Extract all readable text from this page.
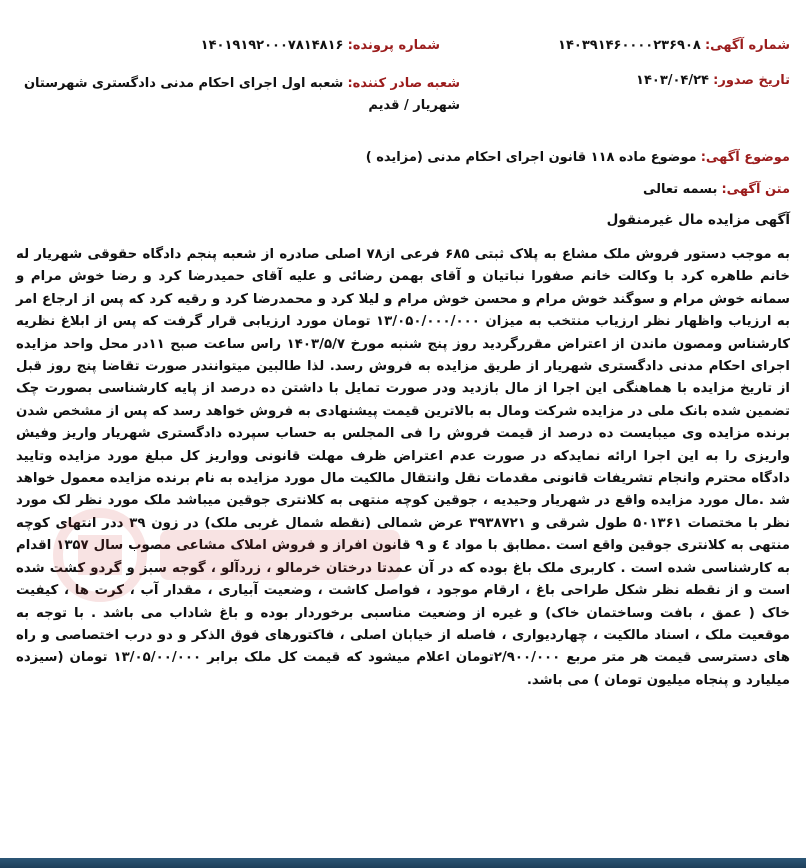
شماره آگهی: ۱۴۰۳۹۱۴۶۰۰۰۰۲۳۶۹۰۸
شماره پرونده: ۱۴۰۱۹۱۹۲۰۰۰۷۸۱۴۸۱۶
تاریخ صدور: ۱۴۰۳/۰۴/۲۴
شعبه صادر کننده: شعبه اول اجرای احکام مدنی دادگستری شهرستان شهریار / قدیم
موضوع آگهی: موضوع ماده ۱۱۸ قانون اجرای احکام مدنی (مزایده )
متن آگهی: بسمه تعالی
آگهی مزایده مال غیرمنقول

به موجب دستور فروش ملک مشاع به پلاک ثبتی ۶۸۵ فرعی از۷۸ اصلی صادره از شعبه پنجم دادگاه حقوقی شهریار له خانم طاهره کرد با وکالت خانم صفورا نباتیان و آقای بهمن رضائی و علیه آقای حمیدرضا کرد و رضا خوش مرام و سمانه خوش مرام و سوگند خوش مرام و محسن خوش مرام و لیلا کرد و محمدرضا کرد و رقیه کرد که پس از ارجاع امر به ارزیاب واظهار نظر ارزیاب منتخب به میزان ۱۳/۰۵۰/۰۰۰/۰۰۰ تومان مورد ارزیابی قرار گرفت که پس از ابلاغ نظریه کارشناس ومصون ماندن از اعتراض مقررگردید روز پنج شنبه مورخ ۱۴۰۳/۵/۷ راس ساعت صبح ۱۱در محل واحد مزایده اجرای احکام مدنی دادگستری شهریار از طریق مزایده به فروش رسد. لذا طالبین میتوانندر صورت تقاضا پنج روز قبل از تاریخ مزایده با هماهنگی این اجرا از مال بازدید ودر صورت تمایل با داشتن ده درصد از پایه کارشناسی بصورت چک تضمین شده بانک ملی در مزایده شرکت ومال به بالاترین قیمت پیشنهادی به فروش خواهد رسد که پس از مشخص شدن برنده مزایده وی میبایست ده درصد از قیمت فروش را فی المجلس به حساب سپرده دادگستری شهریار واریز وفیش واریزی را به این اجرا ارائه نمایدکه در صورت عدم اعتراض ظرف مهلت قانونی وواریز کل مبلغ مورد مزایده وتایید دادگاه محترم وانجام تشریفات قانونی مقدمات نقل وانتقال مالکیت مال مورد مزایده به نام برنده مزایده معمول خواهد شد .مال مورد مزایده واقع در شهریار وحیدیه ، جوقین کوچه منتهی به کلانتری جوقین میباشد ملک مورد نظر لک مورد نظر با مختصات ۵۰۱۳۶۱ طول شرقی و ۳۹۳۸۷۲۱ عرض شمالی (نقطه شمال غربی ملک) در زون ۳۹ ددر انتهای کوچه منتهی به کلانتری جوقین واقع است .مطابق با مواد ٤ و ۹ قانون افراز و فروش املاک مشاعی مصوب سال ۱۳۵۷ اقدام به کارشناسی شده است . کاربری ملک باغ بوده که در آن عمدتا درختان خرمالو ، زردآلو ، گوجه سبز و گردو کشت شده است و از نقطه نظر شکل طراحی باغ ، ارقام موجود ، فواصل کاشت ، وضعیت آبیاری ، مقدار آب ، کرت ها ، کیفیت خاک ( عمق ، بافت وساختمان خاک) و غیره از وضعیت مناسبی برخوردار بوده و باغ شاداب می باشد . با توجه به موقعیت ملک ، اسناد مالکیت ، چهاردیواری ، فاصله از خیابان اصلی ، فاکتورهای فوق الذکر و دو درب اختصاصی و راه های دسترسی قیمت هر متر مربع ۲/۹۰۰/۰۰۰تومان اعلام میشود که قیمت کل ملک برابر ۱۳/۰۵/۰۰/۰۰۰ تومان (سیزده میلیارد و پنجاه میلیون تومان ) می باشد.
